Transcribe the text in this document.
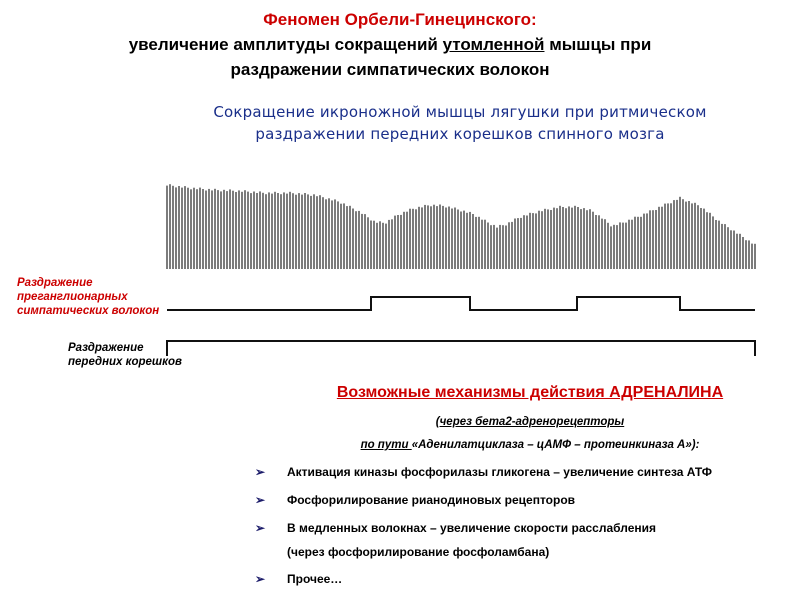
Феномен Орбели-Гинецинского:
увеличение амплитуды сокращений утомленной мышцы при
раздражении симпатических волокон
Сокращение икроножной мышцы лягушки при ритмическом
раздражении передних корешков спинного мозга
Раздражение
преганглионарных
симпатических волокон
Раздражение
передних корешков
Возможные механизмы действия АДРЕНАЛИНА
(через бета2-адренорецепторы
по пути «Аденилатциклаза – цАМФ – протеинкиназа А»):
➢ Активация киназы фосфорилазы гликогена – увеличение синтеза АТФ
➢ Фосфорилирование рианодиновых рецепторов
➢ В медленных волокнах – увеличение скорости расслабления
(через фосфорилирование фосфоламбана)
➢ Прочее…
